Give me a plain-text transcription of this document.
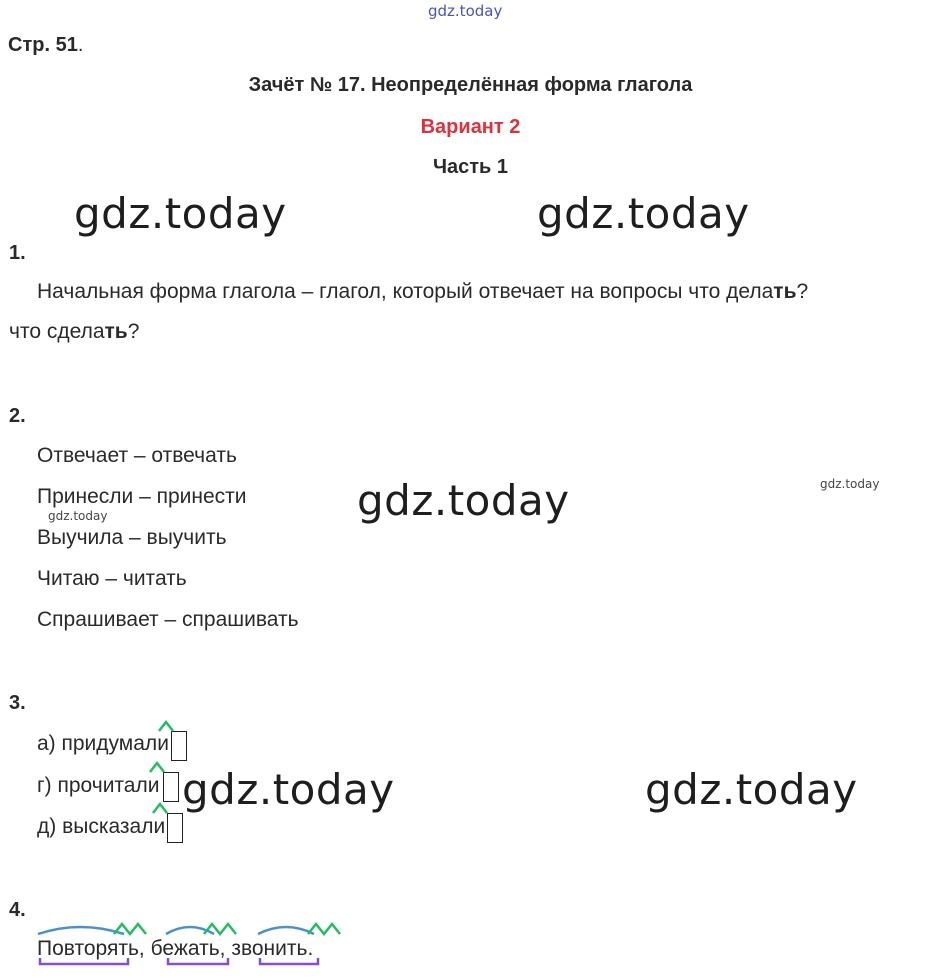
gdz.today
gdz.today	gdz.today
gdz.today
gdz.today	gdz.today
gdz.today
gdz.today
Стр. 51.
Зачёт № 17. Неопределённая форма глагола
Вариант 2
Часть 1
1.
Начальная форма глагола – глагол, который отвечает на вопросы что делать?
что сделать?
2.
Отвечает – отвечать
Принесли – принести
Выучила – выучить
Читаю – читать
Спрашивает – спрашивать
3.
а) придумали
г) прочитали
д) высказали
4.
Повторять, бежать, звонить.
